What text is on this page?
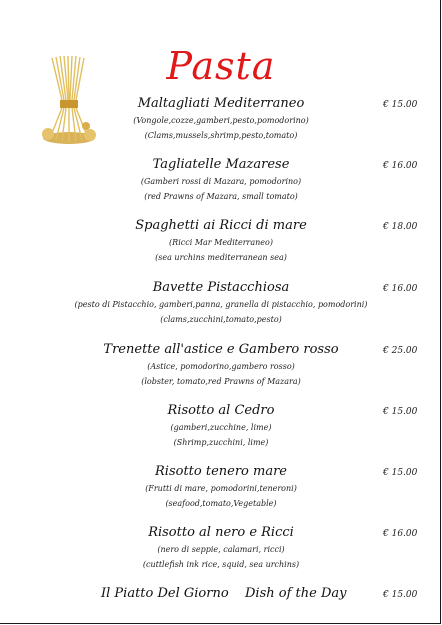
Pasta
Maltagliati Mediterraneo	€ 15.00
(Vongole,cozze,gamberi,pesto,pomodorino)
(Clams,mussels,shrimp,pesto,tomato)
Tagliatelle Mazarese	€ 16.00
(Gamberi rossi di Mazara, pomodorino)
(red Prawns of Mazara, small tomato)
Spaghetti ai Ricci di mare	€ 18.00
(Ricci Mar Mediterraneo)
(sea urchins mediterranean sea)
Bavette Pistacchiosa	€ 16.00
(pesto di Pistacchio, gamberi,panna, granella di pistacchio, pomodorini)
(clams,zucchini,tomato,pesto)
Trenette all'astice e Gambero rosso	€ 25.00
(Astice, pomodorino,gambero rosso)
(lobster, tomato,red Prawns of Mazara)
Risotto al Cedro	€ 15.00
(gamberi,zucchine, lime)
(Shrimp,zucchini, lime)
Risotto tenero mare	€ 15.00
(Frutti di mare, pomodorini,teneroni)
(seafood,tomato,Vegetable)
Risotto al nero e Ricci	€ 16.00
(nero di seppie, calamari, ricci)
(cuttlefish ink rice, squid, sea urchins)
Il Piatto Del Giorno Dish of the Day	€ 15.00
